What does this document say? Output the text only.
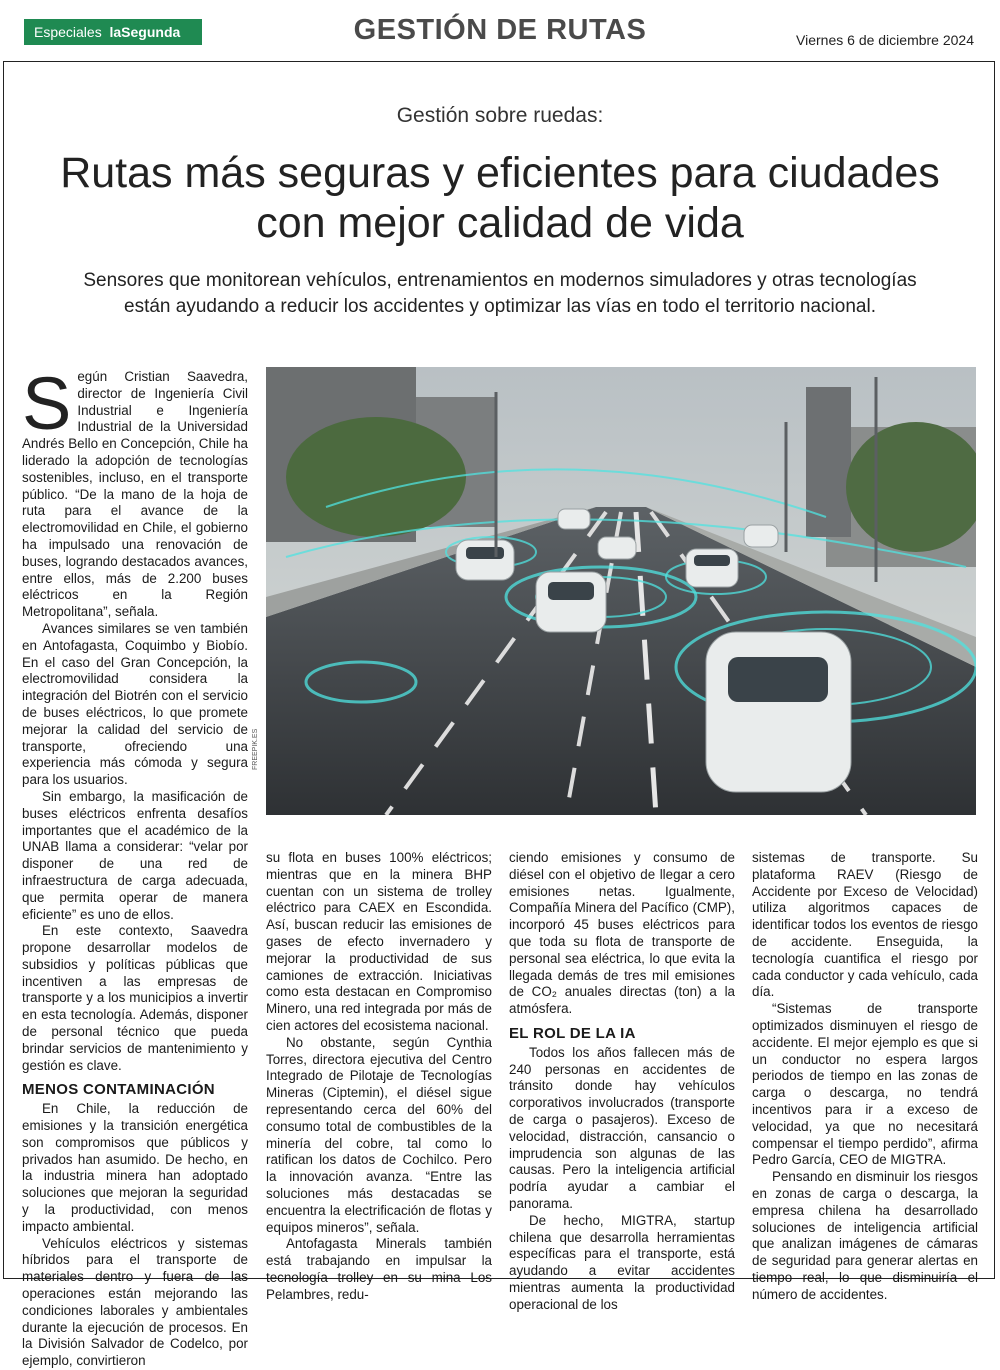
Especiales laSegunda	GESTIÓN DE RUTAS	Viernes 6 de diciembre 2024
Gestión sobre ruedas:
Rutas más seguras y eficientes para ciudades con mejor calidad de vida
Sensores que monitorean vehículos, entrenamientos en modernos simuladores y otras tecnologías están ayudando a reducir los accidentes y optimizar las vías en todo el territorio nacional.

Según Cristian Saavedra, director de Ingeniería Civil Industrial e Ingeniería Industrial de la Universidad Andrés Bello en Concepción, Chile ha liderado la adopción de tecnologías sostenibles, incluso, en el transporte público. “De la mano de la hoja de ruta para el avance de la electromovilidad en Chile, el gobierno ha impulsado una renovación de buses, logrando destacados avances, entre ellos, más de 2.200 buses eléctricos en la Región Metropolitana”, señala.

Avances similares se ven también en Antofagasta, Coquimbo y Biobío. En el caso del Gran Concepción, la electromovilidad considera la integración del Biotrén con el servicio de buses eléctricos, lo que promete mejorar la calidad del servicio de transporte, ofreciendo una experiencia más cómoda y segura para los usuarios.

Sin embargo, la masificación de buses eléctricos enfrenta desafíos importantes que el académico de la UNAB llama a considerar: “velar por disponer de una red de infraestructura de carga adecuada, que permita operar de manera eficiente” es uno de ellos.

En este contexto, Saavedra propone desarrollar modelos de subsidios y políticas públicas que incentiven a las empresas de transporte y a los municipios a invertir en esta tecnología. Además, disponer de personal técnico que pueda brindar servicios de mantenimiento y gestión es clave.

MENOS CONTAMINACIÓN

En Chile, la reducción de emisiones y la transición energética son compromisos que públicos y privados han asumido. De hecho, en la industria minera han adoptado soluciones que mejoran la seguridad y la productividad, con menos impacto ambiental.

Vehículos eléctricos y sistemas híbridos para el transporte de materiales dentro y fuera de las operaciones están mejorando las condiciones laborales y ambientales durante la ejecución de procesos. En la División Salvador de Codelco, por ejemplo, convirtieron

FREEPIK.ES

su flota en buses 100% eléctricos; mientras que en la minera BHP cuentan con un sistema de trolley eléctrico para CAEX en Escondida. Así, buscan reducir las emisiones de gases de efecto invernadero y mejorar la productividad de sus camiones de extracción. Iniciativas como esta destacan en Compromiso Minero, una red integrada por más de cien actores del ecosistema nacional.

No obstante, según Cynthia Torres, directora ejecutiva del Centro Integrado de Pilotaje de Tecnologías Mineras (Ciptemin), el diésel sigue representando cerca del 60% del consumo total de combustibles de la minería del cobre, tal como lo ratifican los datos de Cochilco. Pero la innovación avanza. “Entre las soluciones más destacadas se encuentra la electrificación de flotas y equipos mineros”, señala.

Antofagasta Minerals también está trabajando en impulsar la tecnología trolley en su mina Los Pelambres, redu-

ciendo emisiones y consumo de diésel con el objetivo de llegar a cero emisiones netas. Igualmente, Compañía Minera del Pacífico (CMP), incorporó 45 buses eléctricos para que toda su flota de transporte de personal sea eléctrica, lo que evita la llegada demás de tres mil emisiones de CO₂ anuales directas (ton) a la atmósfera.

EL ROL DE LA IA

Todos los años fallecen más de 240 personas en accidentes de tránsito donde hay vehículos corporativos involucrados (transporte de carga o pasajeros). Exceso de velocidad, distracción, cansancio o imprudencia son algunas de las causas. Pero la inteligencia artificial podría ayudar a cambiar el panorama.

De hecho, MIGTRA, startup chilena que desarrolla herramientas específicas para el transporte, está ayudando a evitar accidentes mientras aumenta la productividad operacional de los

sistemas de transporte. Su plataforma RAEV (Riesgo de Accidente por Exceso de Velocidad) utiliza algoritmos capaces de identificar todos los eventos de riesgo de accidente. Enseguida, la tecnología cuantifica el riesgo por cada conductor y cada vehículo, cada día.

“Sistemas de transporte optimizados disminuyen el riesgo de accidente. El mejor ejemplo es que si un conductor no espera largos periodos de tiempo en las zonas de carga o descarga, no tendrá incentivos para ir a exceso de velocidad, ya que no necesitará compensar el tiempo perdido”, afirma Pedro García, CEO de MIGTRA.

Pensando en disminuir los riesgos en zonas de carga o descarga, la empresa chilena ha desarrollado soluciones de inteligencia artificial que analizan imágenes de cámaras de seguridad para generar alertas en tiempo real, lo que disminuiría el número de accidentes.
